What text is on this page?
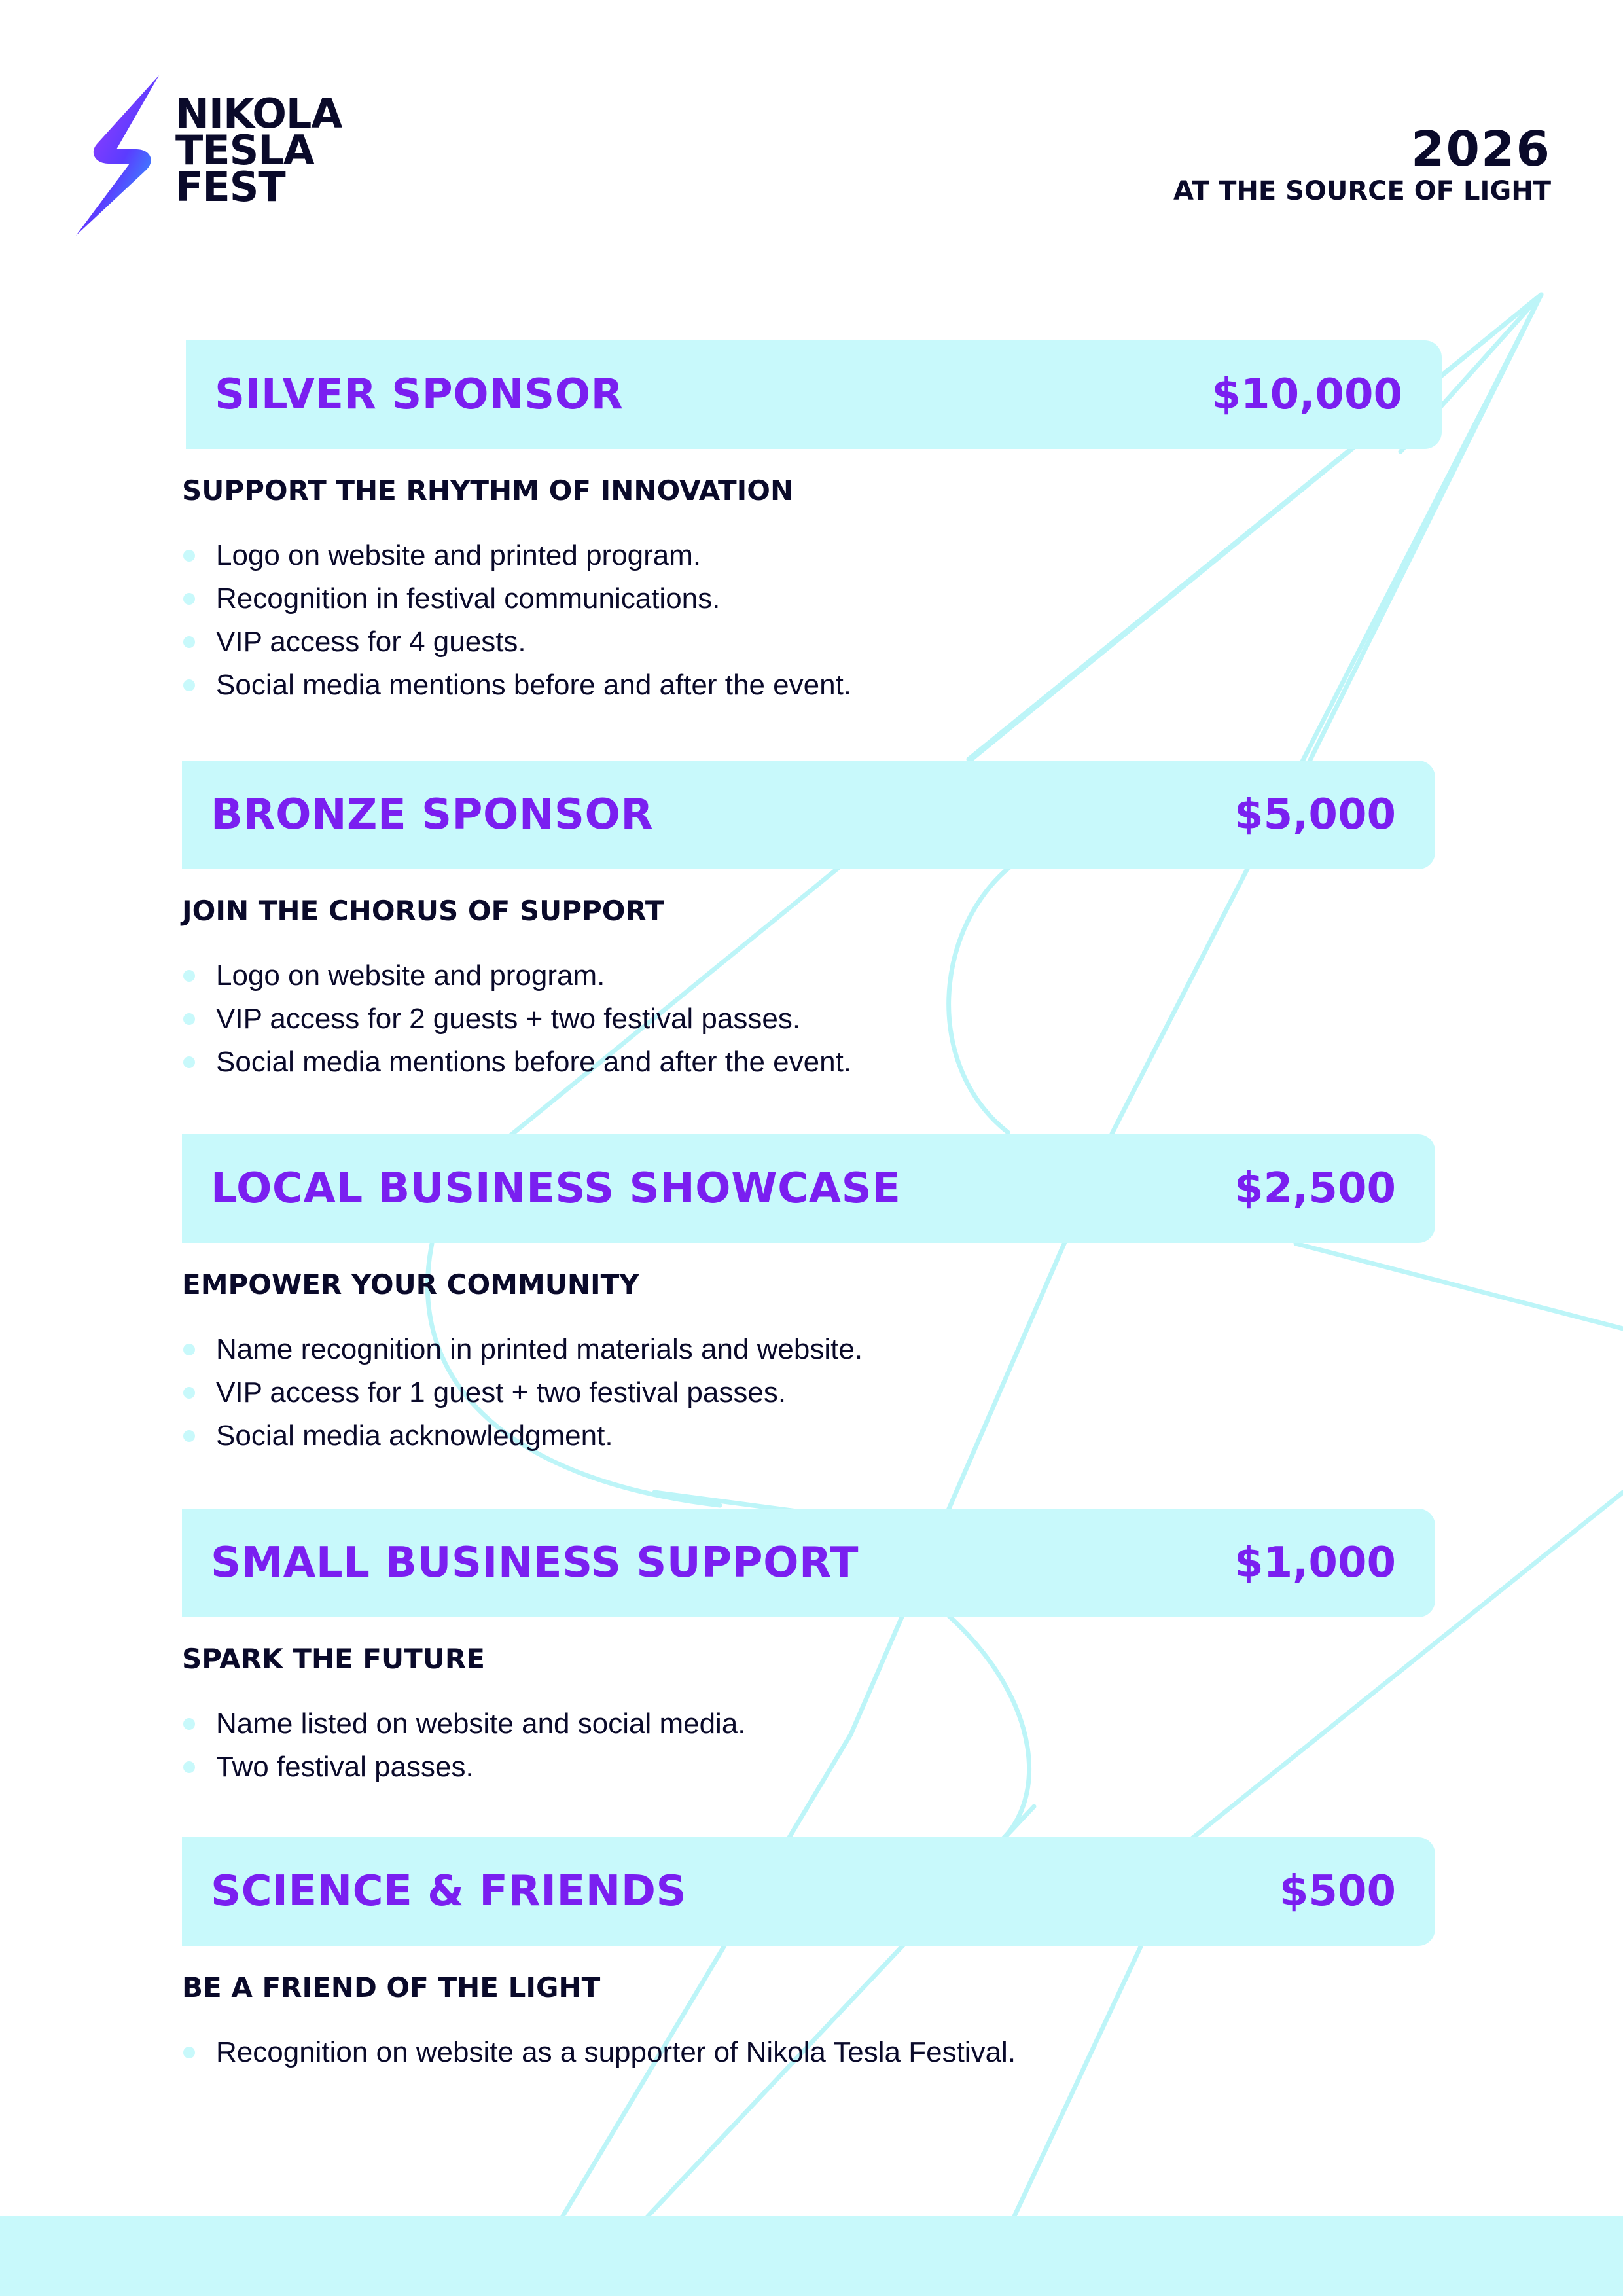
NIKOLA
TESLA
FEST
2026
AT THE SOURCE OF LIGHT
SILVER SPONSOR	$10,000
SUPPORT THE RHYTHM OF INNOVATION
Logo on website and printed program.
Recognition in festival communications.
VIP access for 4 guests.
Social media mentions before and after the event.
BRONZE SPONSOR	$5,000
JOIN THE CHORUS OF SUPPORT
Logo on website and program.
VIP access for 2 guests + two festival passes.
Social media mentions before and after the event.
LOCAL BUSINESS SHOWCASE	$2,500
EMPOWER YOUR COMMUNITY
Name recognition in printed materials and website.
VIP access for 1 guest + two festival passes.
Social media acknowledgment.
SMALL BUSINESS SUPPORT	$1,000
SPARK THE FUTURE
Name listed on website and social media.
Two festival passes.
SCIENCE & FRIENDS	$500
BE A FRIEND OF THE LIGHT
Recognition on website as a supporter of Nikola Tesla Festival.
